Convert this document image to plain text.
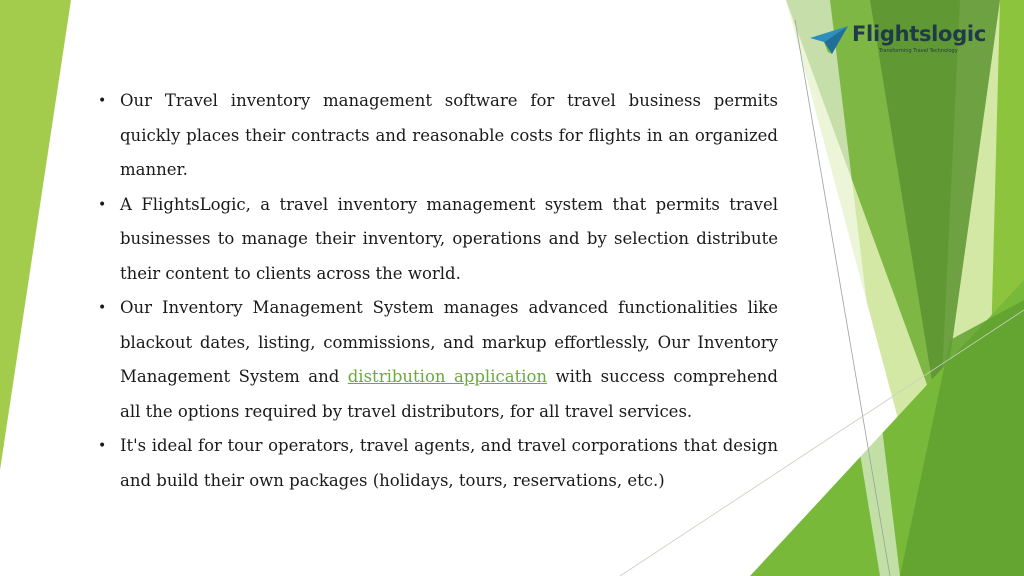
Flightslogic
Transforming Travel Technology
• Our Travel inventory management software for travel business permits quickly places their contracts and reasonable costs for flights in an organized manner.
• A FlightsLogic, a travel inventory management system that permits travel businesses to manage their inventory, operations and by selection distribute their content to clients across the world.
• Our Inventory Management System manages advanced functionalities like blackout dates, listing, commissions, and markup effortlessly, Our Inventory Management System and distribution application with success comprehend all the options required by travel distributors, for all travel services.
• It's ideal for tour operators, travel agents, and travel corporations that design and build their own packages (holidays, tours, reservations, etc.)
